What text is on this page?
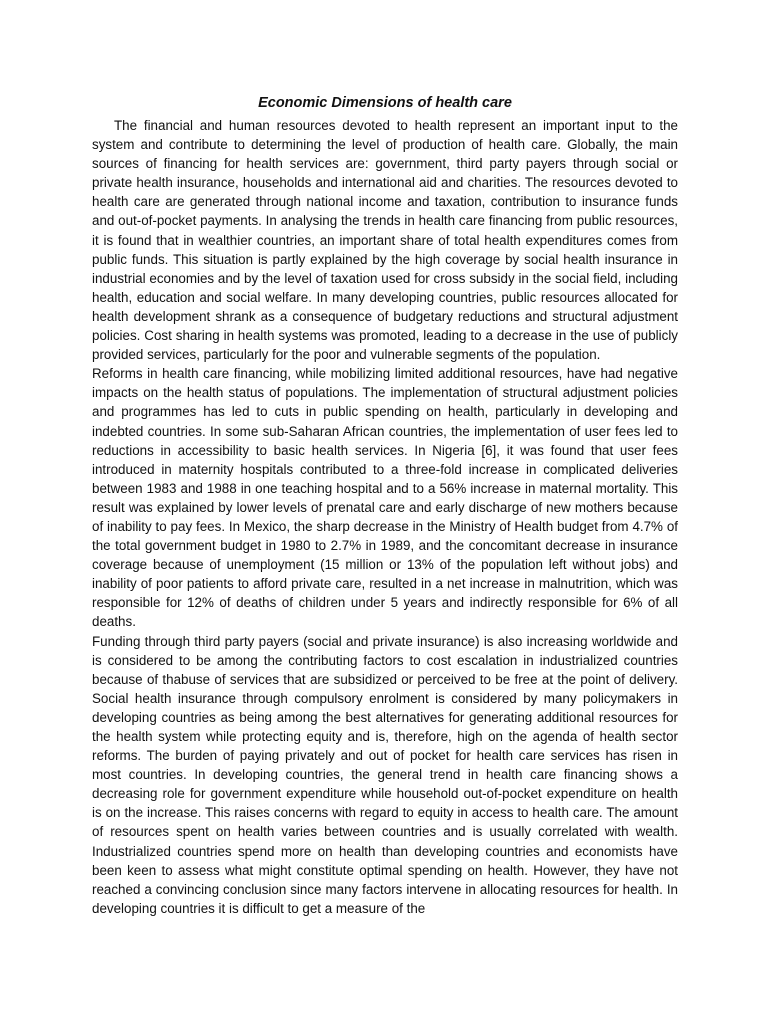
Economic Dimensions of health care

The financial and human resources devoted to health represent an important input to the system and contribute to determining the level of production of health care. Globally, the main sources of financing for health services are: government, third party payers through social or private health insurance, households and international aid and charities. The resources devoted to health care are generated through national income and taxation, contribution to insurance funds and out-of-pocket payments. In analysing the trends in health care financing from public resources, it is found that in wealthier countries, an important share of total health expenditures comes from public funds. This situation is partly explained by the high coverage by social health insurance in industrial economies and by the level of taxation used for cross subsidy in the social field, including health, education and social welfare. In many developing countries, public resources allocated for health development shrank as a consequence of budgetary reductions and structural adjustment policies. Cost sharing in health systems was promoted, leading to a decrease in the use of publicly provided services, particularly for the poor and vulnerable segments of the population.

Reforms in health care financing, while mobilizing limited additional resources, have had negative impacts on the health status of populations. The implementation of structural adjustment policies and programmes has led to cuts in public spending on health, particularly in developing and indebted countries. In some sub-Saharan African countries, the implementation of user fees led to reductions in accessibility to basic health services. In Nigeria [6], it was found that user fees introduced in maternity hospitals contributed to a three-fold increase in complicated deliveries between 1983 and 1988 in one teaching hospital and to a 56% increase in maternal mortality. This result was explained by lower levels of prenatal care and early discharge of new mothers because of inability to pay fees. In Mexico, the sharp decrease in the Ministry of Health budget from 4.7% of the total government budget in 1980 to 2.7% in 1989, and the concomitant decrease in insurance coverage because of unemployment (15 million or 13% of the population left without jobs) and inability of poor patients to afford private care, resulted in a net increase in malnutrition, which was responsible for 12% of deaths of children under 5 years and indirectly responsible for 6% of all deaths.

Funding through third party payers (social and private insurance) is also increasing worldwide and is considered to be among the contributing factors to cost escalation in industrialized countries because of thabuse of services that are subsidized or perceived to be free at the point of delivery. Social health insurance through compulsory enrolment is considered by many policymakers in developing countries as being among the best alternatives for generating additional resources for the health system while protecting equity and is, therefore, high on the agenda of health sector reforms. The burden of paying privately and out of pocket for health care services has risen in most countries. In developing countries, the general trend in health care financing shows a decreasing role for government expenditure while household out-of-pocket expenditure on health is on the increase. This raises concerns with regard to equity in access to health care. The amount of resources spent on health varies between countries and is usually correlated with wealth. Industrialized countries spend more on health than developing countries and economists have been keen to assess what might constitute optimal spending on health. However, they have not reached a convincing conclusion since many factors intervene in allocating resources for health. In developing countries it is difficult to get a measure of the
